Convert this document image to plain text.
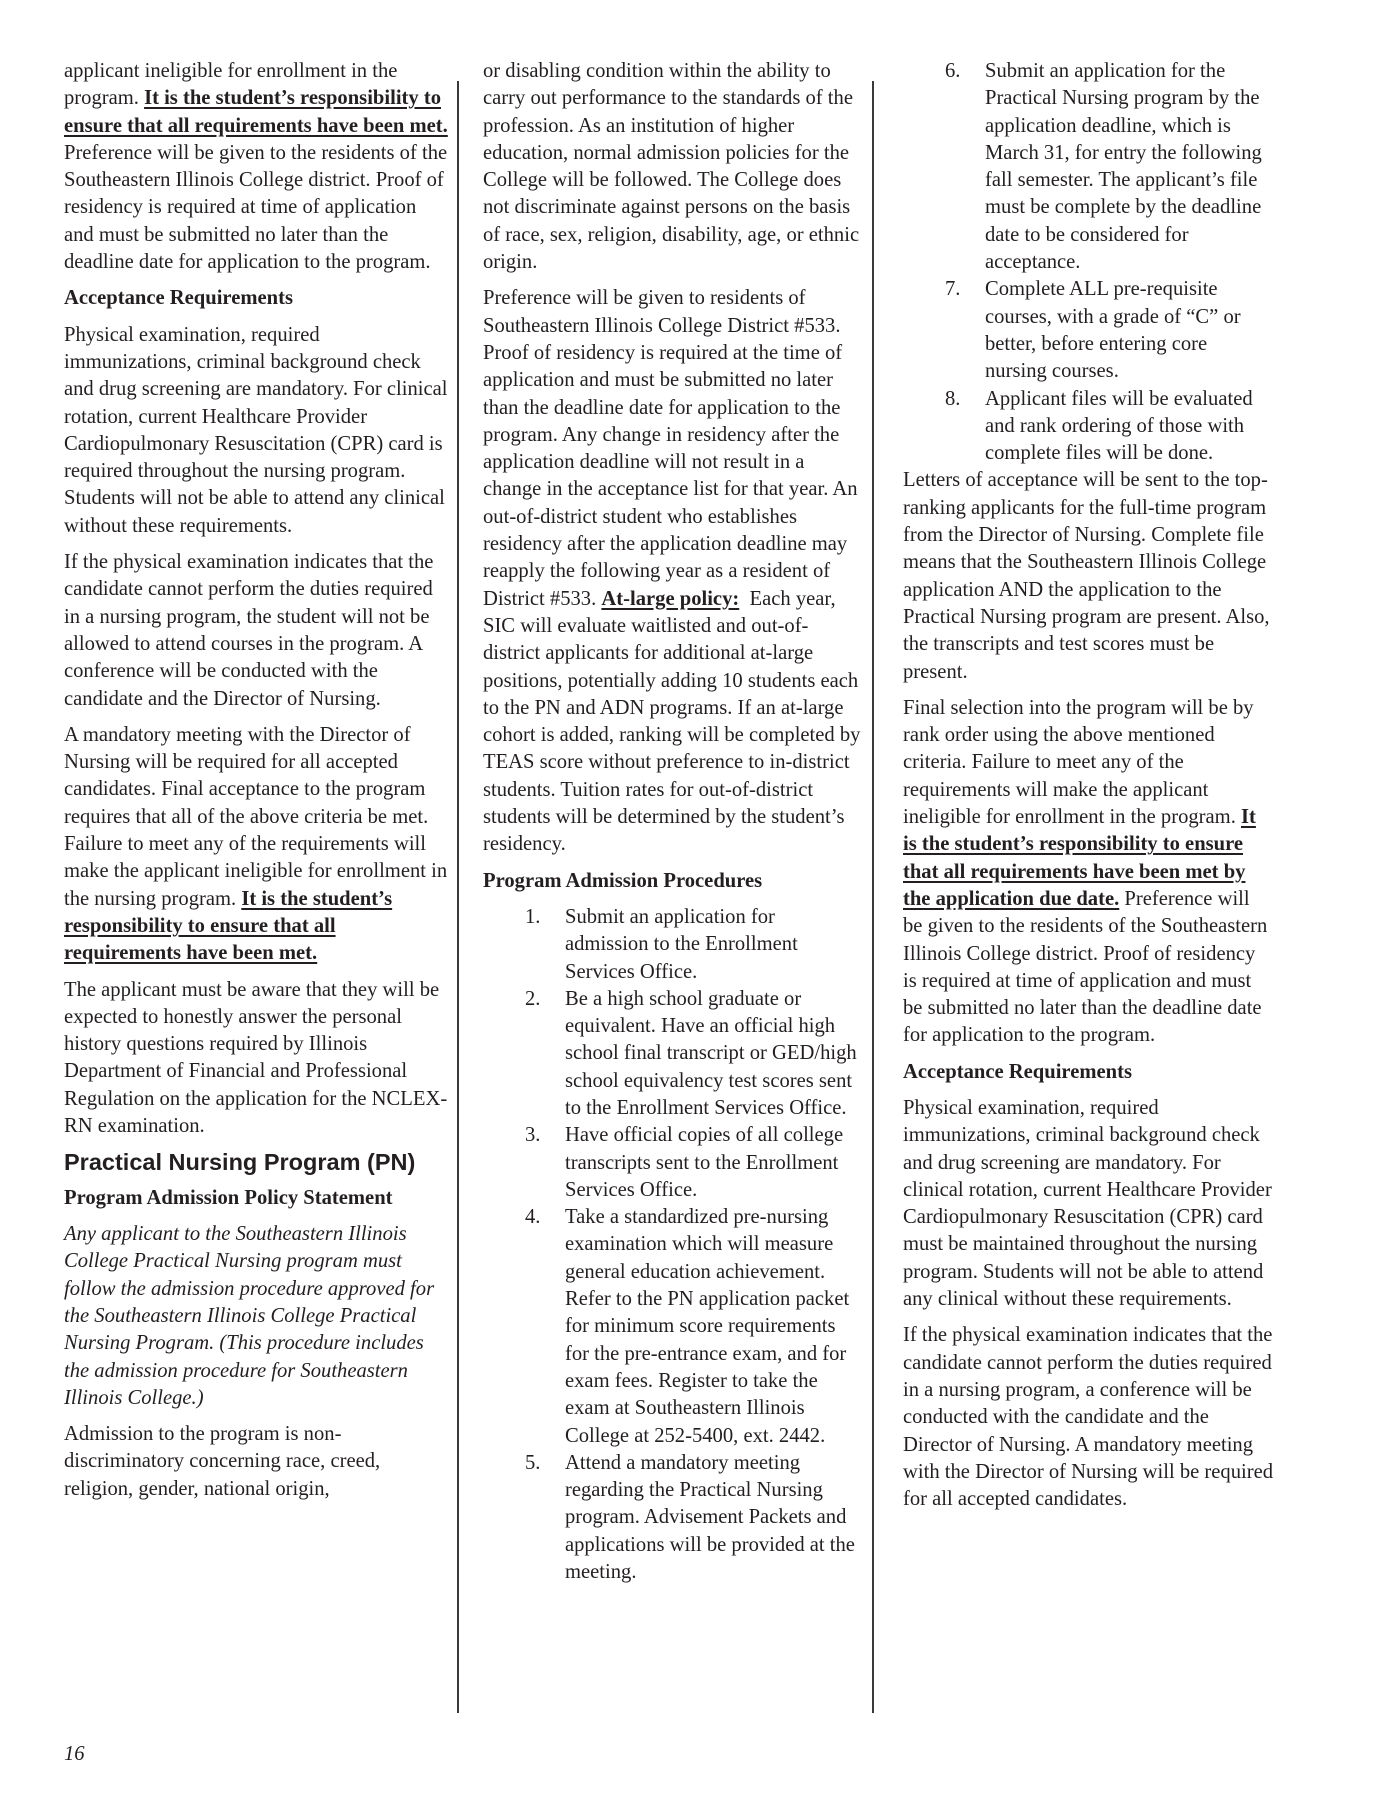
applicant ineligible for enrollment in the program. It is the student’s responsibility to ensure that all requirements have been met. Preference will be given to the residents of the Southeastern Illinois College district. Proof of residency is required at time of application and must be submitted no later than the deadline date for application to the program.

Acceptance Requirements

Physical examination, required immunizations, criminal background check and drug screening are mandatory. For clinical rotation, current Healthcare Provider Cardiopulmonary Resuscitation (CPR) card is required throughout the nursing program. Students will not be able to attend any clinical without these requirements.

If the physical examination indicates that the candidate cannot perform the duties required in a nursing program, the student will not be allowed to attend courses in the program. A conference will be conducted with the candidate and the Director of Nursing.

A mandatory meeting with the Director of Nursing will be required for all accepted candidates. Final acceptance to the program requires that all of the above criteria be met. Failure to meet any of the requirements will make the applicant ineligible for enrollment in the nursing program. It is the student’s responsibility to ensure that all requirements have been met.

The applicant must be aware that they will be expected to honestly answer the personal history questions required by Illinois Department of Financial and Professional Regulation on the application for the NCLEX-RN examination.

Practical Nursing Program (PN)
Program Admission Policy Statement

Any applicant to the Southeastern Illinois College Practical Nursing program must follow the admission procedure approved for the Southeastern Illinois College Practical Nursing Program. (This procedure includes the admission procedure for Southeastern Illinois College.)

Admission to the program is non-discriminatory concerning race, creed, religion, gender, national origin,

or disabling condition within the ability to carry out performance to the standards of the profession. As an institution of higher education, normal admission policies for the College will be followed. The College does not discriminate against persons on the basis of race, sex, religion, disability, age, or ethnic origin.

Preference will be given to residents of Southeastern Illinois College District #533. Proof of residency is required at the time of application and must be submitted no later than the deadline date for application to the program. Any change in residency after the application deadline will not result in a change in the acceptance list for that year. An out-of-district student who establishes residency after the application deadline may reapply the following year as a resident of District #533. At-large policy:  Each year, SIC will evaluate waitlisted and out-of-district applicants for additional at-large positions, potentially adding 10 students each to the PN and ADN programs. If an at-large cohort is added, ranking will be completed by TEAS score without preference to in-district students. Tuition rates for out-of-district students will be determined by the student’s residency.

Program Admission Procedures
1.	Submit an application for admission to the Enrollment Services Office.
2.	Be a high school graduate or equivalent. Have an official high school final transcript or GED/high school equivalency test scores sent to the Enrollment Services Office.
3.	Have official copies of all college transcripts sent to the Enrollment Services Office.
4.	Take a standardized pre-nursing examination which will measure general education achievement. Refer to the PN application packet for minimum score requirements for the pre-entrance exam, and for exam fees. Register to take the exam at Southeastern Illinois College at 252-5400, ext. 2442.
5.	Attend a mandatory meeting regarding the Practical Nursing program. Advisement Packets and applications will be provided at the meeting.
6.	Submit an application for the Practical Nursing program by the application deadline, which is March 31, for entry the following fall semester. The applicant’s file must be complete by the deadline date to be considered for acceptance.
7.	Complete ALL pre-requisite courses, with a grade of “C” or better, before entering core nursing courses.
8.	Applicant files will be evaluated and rank ordering of those with complete files will be done.

Letters of acceptance will be sent to the top-ranking applicants for the full-time program from the Director of Nursing. Complete file means that the Southeastern Illinois College application AND the application to the Practical Nursing program are present. Also, the transcripts and test scores must be present.

Final selection into the program will be by rank order using the above mentioned criteria. Failure to meet any of the requirements will make the applicant ineligible for enrollment in the program. It is the student’s responsibility to ensure that all requirements have been met by the application due date. Preference will be given to the residents of the Southeastern Illinois College district. Proof of residency is required at time of application and must be submitted no later than the deadline date for application to the program.

Acceptance Requirements

Physical examination, required immunizations, criminal background check and drug screening are mandatory. For clinical rotation, current Healthcare Provider Cardiopulmonary Resuscitation (CPR) card must be maintained throughout the nursing program. Students will not be able to attend any clinical without these requirements.

If the physical examination indicates that the candidate cannot perform the duties required in a nursing program, a conference will be conducted with the candidate and the Director of Nursing. A mandatory meeting with the Director of Nursing will be required for all accepted candidates.

16
